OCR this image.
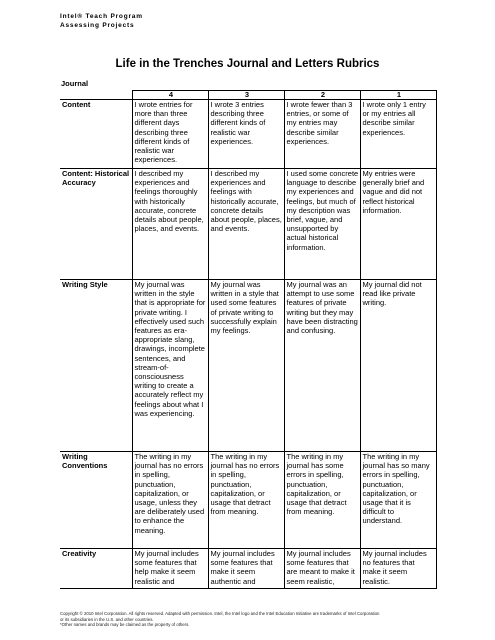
Intel® Teach Program
Assessing Projects
Life in the Trenches Journal and Letters Rubrics
Journal
	4	3	2	1
Content	I wrote entries for more than three different days describing three different kinds of realistic war experiences.	I wrote 3 entries describing three different kinds of realistic war experiences.	I wrote fewer than 3 entries, or some of my entries may describe similar experiences.	I wrote only 1 entry or my entries all describe similar experiences.
Content: Historical Accuracy	I described my experiences and feelings thoroughly with historically accurate, concrete details about people, places, and events.	I described my experiences and feelings with historically accurate, concrete details about people, places, and events.	I used some concrete language to describe my experiences and feelings, but much of my description was brief, vague, and unsupported by actual historical information.	My entries were generally brief and vague and did not reflect historical information.
Writing Style	My journal was written in the style that is appropriate for private writing. I effectively used such features as era-appropriate slang, drawings, incomplete sentences, and stream-of-consciousness writing to create a accurately reflect my feelings about what I was experiencing.	My journal was written in a style that used some features of private writing to successfully explain my feelings.	My journal was an attempt to use some features of private writing but they may have been distracting and confusing.	My journal did not read like private writing.
Writing Conventions	The writing in my journal has no errors in spelling, punctuation, capitalization, or usage, unless they are deliberately used to enhance the meaning.	The writing in my journal has no errors in spelling, punctuation, capitalization, or usage that detract from meaning.	The writing in my journal has some errors in spelling, punctuation, capitalization, or usage that detract from meaning.	The writing in my journal has so many errors in spelling, punctuation, capitalization, or usage that it is difficult to understand.
Creativity	My journal includes some features that help make it seem realistic and	My journal includes some features that make it seem authentic and	My journal includes some features that are meant to make it seem realistic,	My journal includes no features that make it seem realistic.
Copyright © 2010 Intel Corporation. All rights reserved. Adapted with permission. Intel, the Intel logo and the Intel Education Initiative are trademarks of Intel Corporation
or its subsidiaries in the U.S. and other countries.
*Other names and brands may be claimed as the property of others.
